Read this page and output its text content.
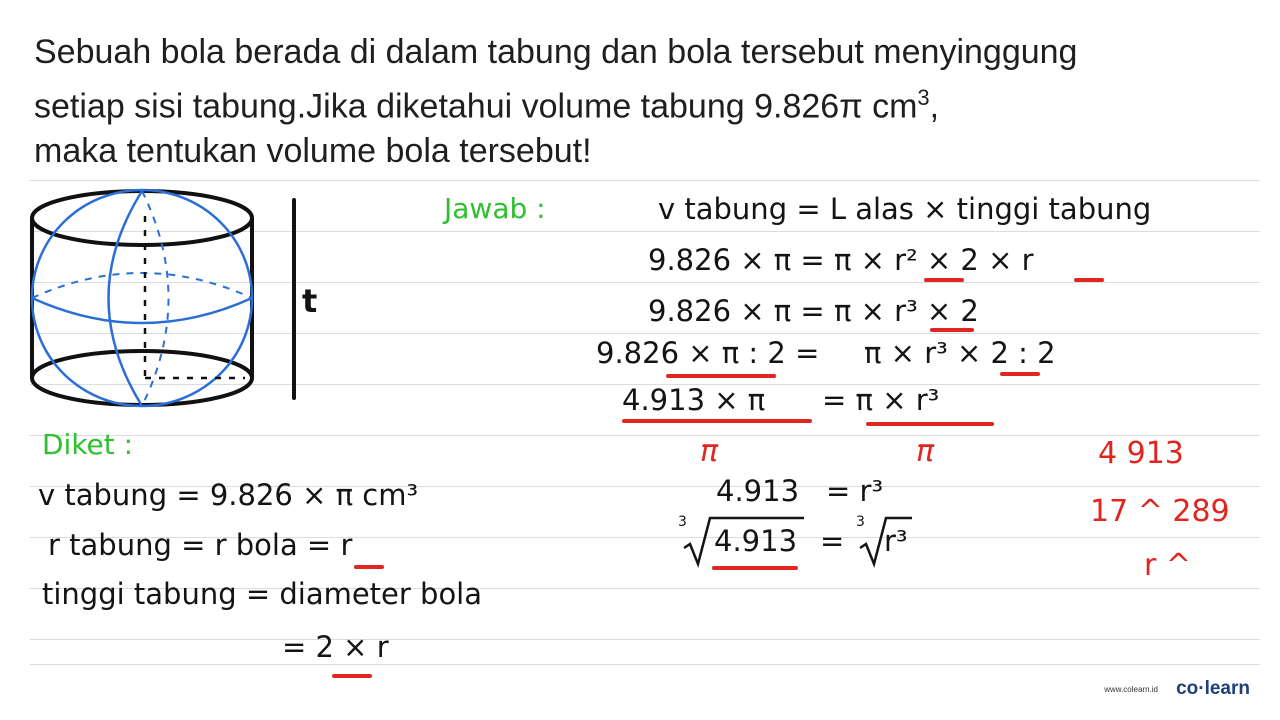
Sebuah bola berada di dalam tabung dan bola tersebut menyinggung
setiap sisi tabung.Jika diketahui volume tabung 9.826π $cm^3$,
maka tentukan volume bola tersebut!
t
Diket :
v tabung = 9.826 × π cm³
r tabung = r bola = r
tinggi tabung = diameter bola
= 2 × r
Jawab :	v tabung = L alas × tinggi tabung
9.826 × π = π × r² × 2 × r
9.826 × π = π × r³ × 2
9.826 × π : 2 = π × r³ × 2 : 2
4.913 × π = π × r³
π	π
4.913 = r³
3
4.913 =
3
r³
4 913
17 ^ 289
r ^
www.colearn.id co·learn
